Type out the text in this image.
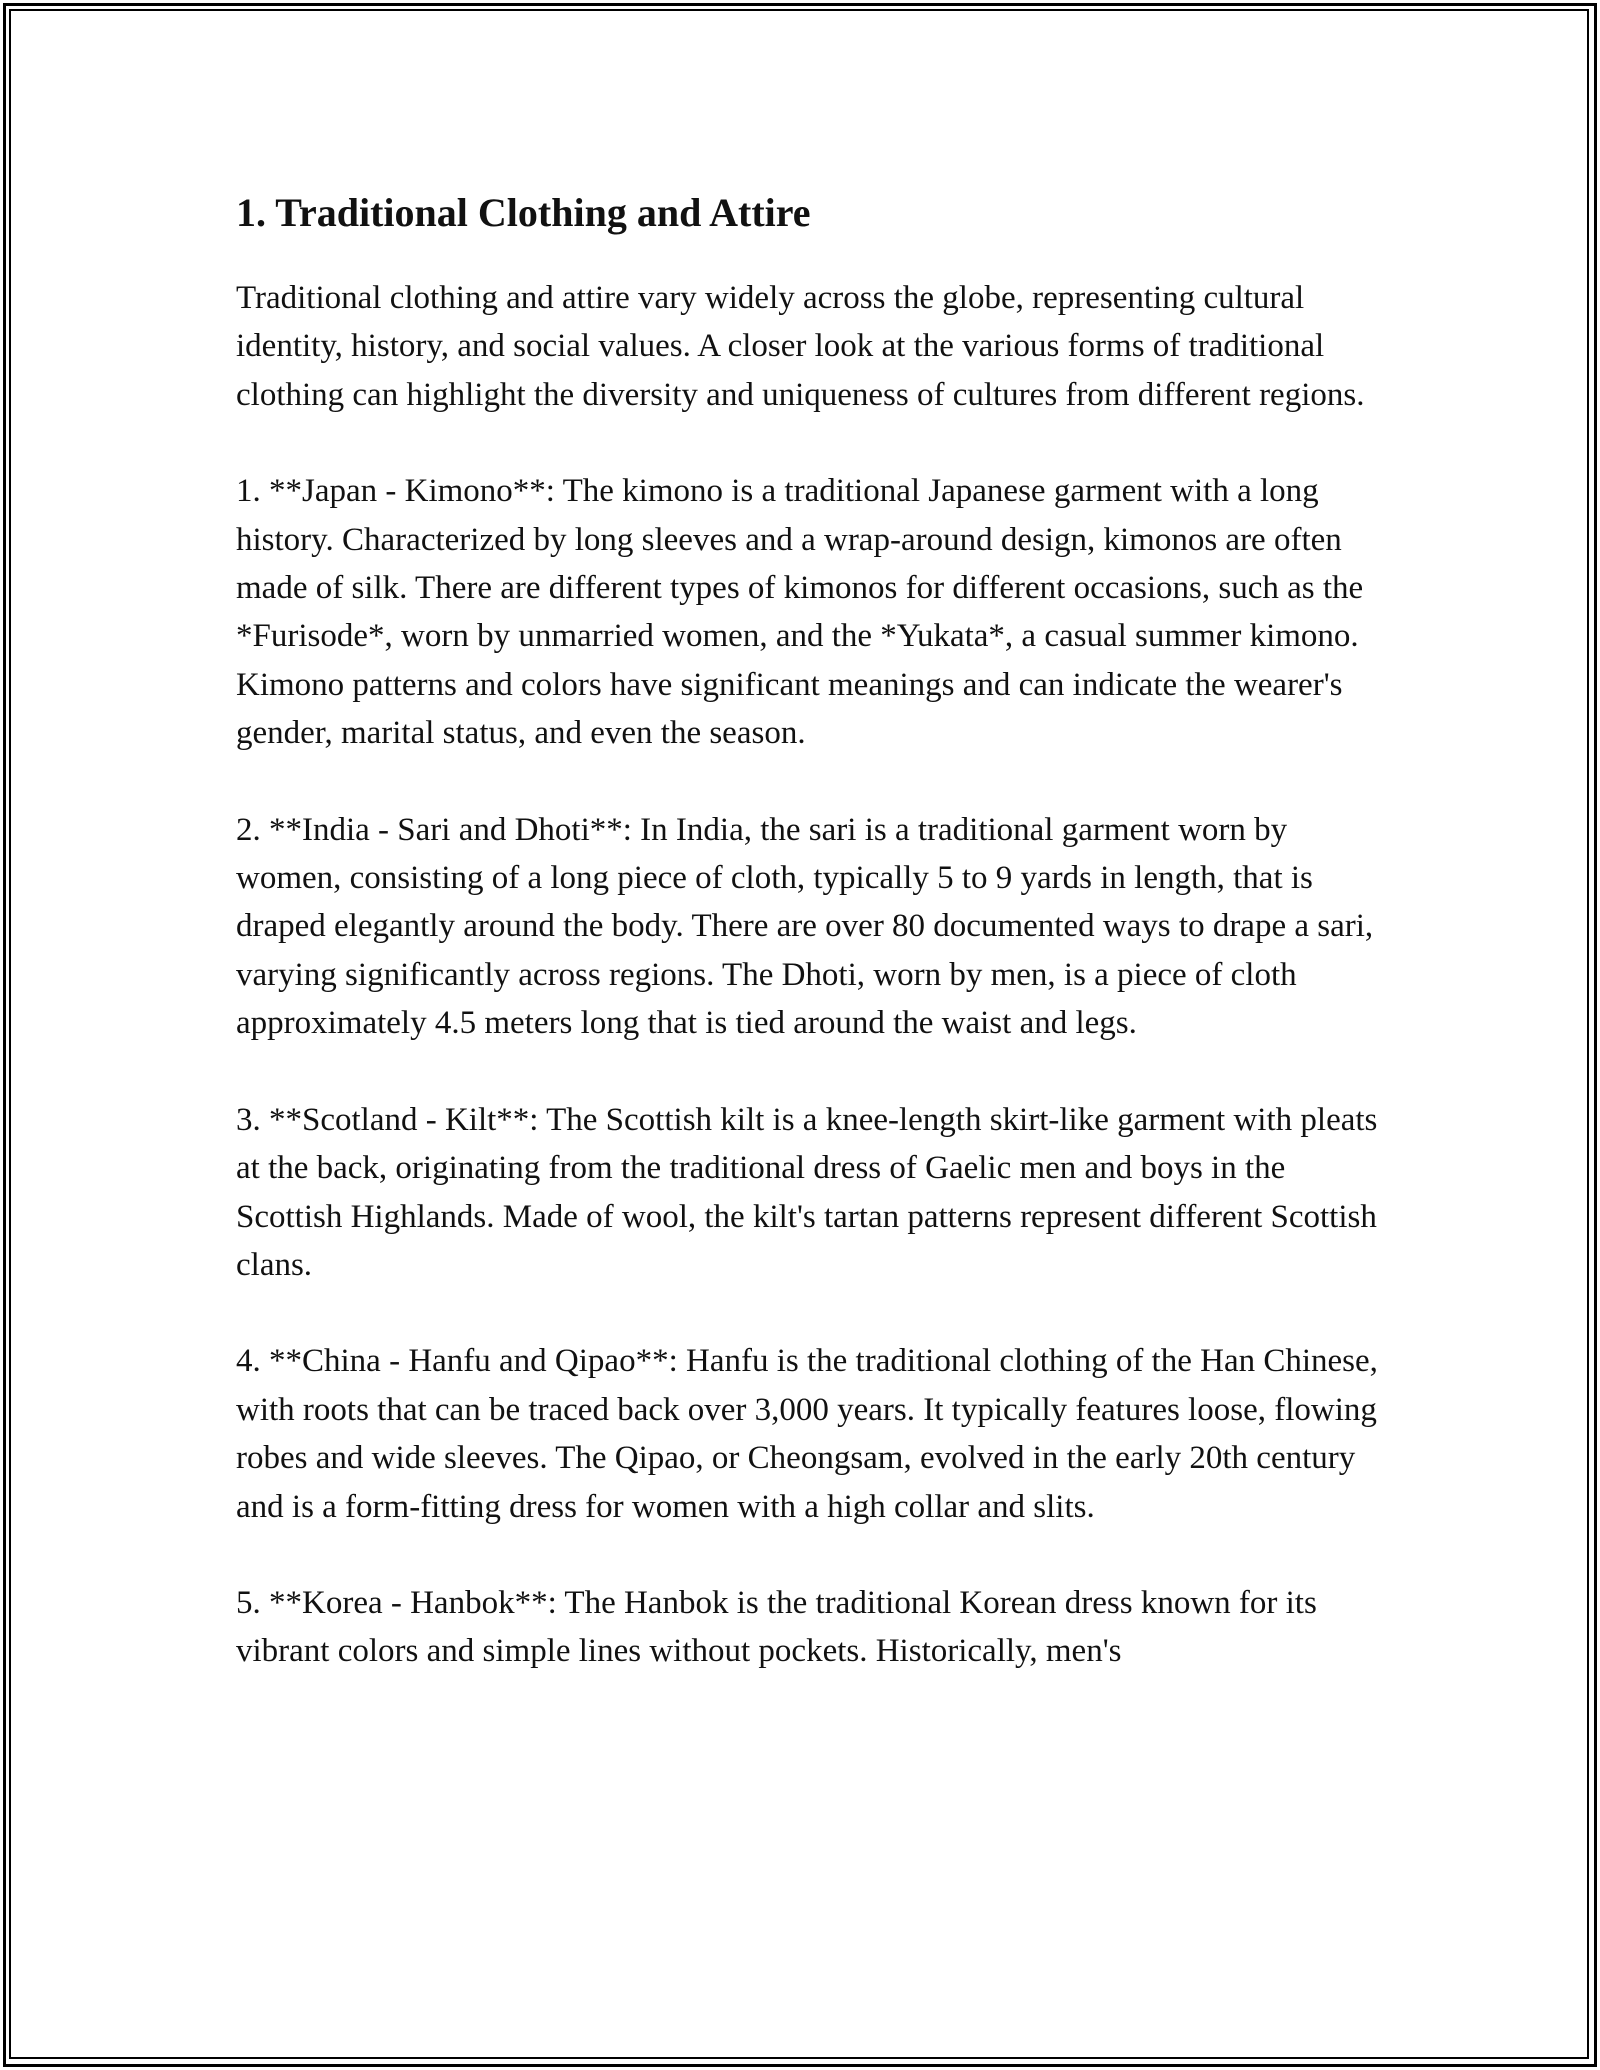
1. Traditional Clothing and Attire

Traditional clothing and attire vary widely across the globe, representing cultural identity, history, and social values. A closer look at the various forms of traditional clothing can highlight the diversity and uniqueness of cultures from different regions.

1. **Japan - Kimono**: The kimono is a traditional Japanese garment with a long history. Characterized by long sleeves and a wrap-around design, kimonos are often made of silk. There are different types of kimonos for different occasions, such as the *Furisode*, worn by unmarried women, and the *Yukata*, a casual summer kimono. Kimono patterns and colors have significant meanings and can indicate the wearer's gender, marital status, and even the season.

2. **India - Sari and Dhoti**: In India, the sari is a traditional garment worn by women, consisting of a long piece of cloth, typically 5 to 9 yards in length, that is draped elegantly around the body. There are over 80 documented ways to drape a sari, varying significantly across regions. The Dhoti, worn by men, is a piece of cloth approximately 4.5 meters long that is tied around the waist and legs.

3. **Scotland - Kilt**: The Scottish kilt is a knee-length skirt-like garment with pleats at the back, originating from the traditional dress of Gaelic men and boys in the Scottish Highlands. Made of wool, the kilt's tartan patterns represent different Scottish clans.

4. **China - Hanfu and Qipao**: Hanfu is the traditional clothing of the Han Chinese, with roots that can be traced back over 3,000 years. It typically features loose, flowing robes and wide sleeves. The Qipao, or Cheongsam, evolved in the early 20th century and is a form-fitting dress for women with a high collar and slits.

5. **Korea - Hanbok**: The Hanbok is the traditional Korean dress known for its vibrant colors and simple lines without pockets. Historically, men's
